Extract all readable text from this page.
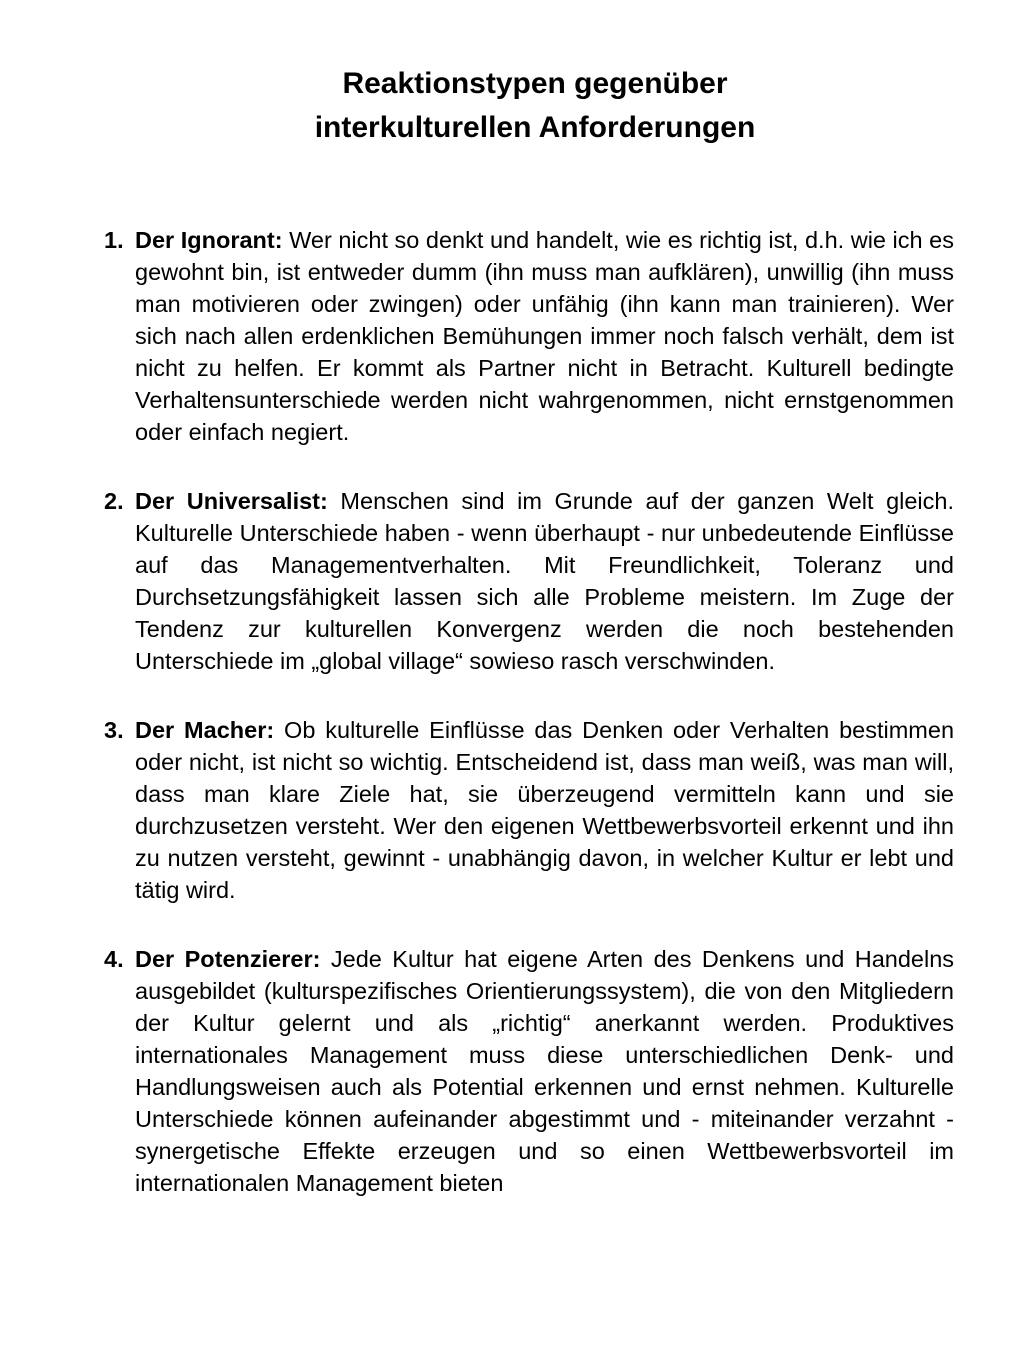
Reaktionstypen gegenüber
interkulturellen Anforderungen
1. Der Ignorant: Wer nicht so denkt und handelt, wie es richtig ist, d.h. wie ich es gewohnt bin, ist entweder dumm (ihn muss man aufklären), unwillig (ihn muss man motivieren oder zwingen) oder unfähig (ihn kann man trainieren). Wer sich nach allen erdenklichen Bemühungen immer noch falsch verhält, dem ist nicht zu helfen. Er kommt als Partner nicht in Betracht. Kulturell bedingte Verhaltensunterschiede werden nicht wahrgenommen, nicht ernstgenommen oder einfach negiert.
2. Der Universalist: Menschen sind im Grunde auf der ganzen Welt gleich. Kulturelle Unterschiede haben - wenn überhaupt - nur unbedeutende Einflüsse auf das Managementverhalten. Mit Freundlichkeit, Toleranz und Durchsetzungsfähigkeit lassen sich alle Probleme meistern. Im Zuge der Tendenz zur kulturellen Konvergenz werden die noch bestehenden Unterschiede im „global village“ sowieso rasch verschwinden.
3. Der Macher: Ob kulturelle Einflüsse das Denken oder Verhalten bestimmen oder nicht, ist nicht so wichtig. Entscheidend ist, dass man weiß, was man will, dass man klare Ziele hat, sie überzeugend vermitteln kann und sie durchzusetzen versteht. Wer den eigenen Wettbewerbsvorteil erkennt und ihn zu nutzen versteht, gewinnt - unabhängig davon, in welcher Kultur er lebt und tätig wird.
4. Der Potenzierer: Jede Kultur hat eigene Arten des Denkens und Handelns ausgebildet (kulturspezifisches Orientierungssystem), die von den Mitgliedern der Kultur gelernt und als „richtig“ anerkannt werden. Produktives internationales Management muss diese unterschiedlichen Denk- und Handlungsweisen auch als Potential erkennen und ernst nehmen. Kulturelle Unterschiede können aufeinander abgestimmt und - miteinander verzahnt - synergetische Effekte erzeugen und so einen Wettbewerbsvorteil im internationalen Management bieten
